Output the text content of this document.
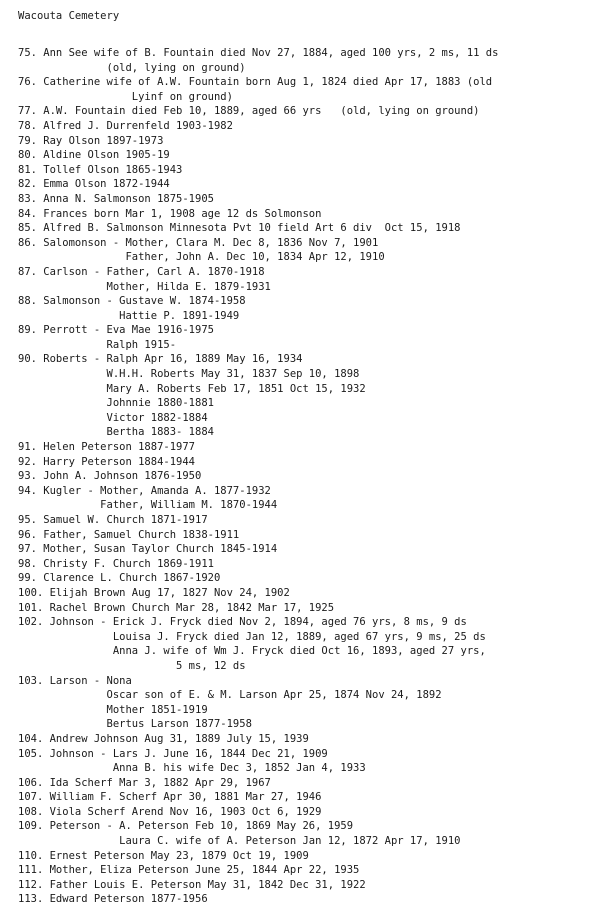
Wacouta Cemetery
75. Ann See wife of B. Fountain died Nov 27, 1884, aged 100 yrs, 2 ms, 11 ds
(old, lying on ground)
76. Catherine wife of A.W. Fountain born Aug 1, 1824 died Apr 17, 1883 (old
Lyinf on ground)
77. A.W. Fountain died Feb 10, 1889, aged 66 yrs   (old, lying on ground)
78. Alfred J. Durrenfeld 1903-1982
79. Ray Olson 1897-1973
80. Aldine Olson 1905-19
81. Tollef Olson 1865-1943
82. Emma Olson 1872-1944
83. Anna N. Salmonson 1875-1905
84. Frances born Mar 1, 1908 age 12 ds Solmonson
85. Alfred B. Salmonson Minnesota Pvt 10 field Art 6 div  Oct 15, 1918
86. Salomonson - Mother, Clara M. Dec 8, 1836 Nov 7, 1901
Father, John A. Dec 10, 1834 Apr 12, 1910
87. Carlson - Father, Carl A. 1870-1918
Mother, Hilda E. 1879-1931
88. Salmonson - Gustave W. 1874-1958
Hattie P. 1891-1949
89. Perrott - Eva Mae 1916-1975
Ralph 1915-
90. Roberts - Ralph Apr 16, 1889 May 16, 1934
W.H.H. Roberts May 31, 1837 Sep 10, 1898
Mary A. Roberts Feb 17, 1851 Oct 15, 1932
Johnnie 1880-1881
Victor 1882-1884
Bertha 1883- 1884
91. Helen Peterson 1887-1977
92. Harry Peterson 1884-1944
93. John A. Johnson 1876-1950
94. Kugler - Mother, Amanda A. 1877-1932
Father, William M. 1870-1944
95. Samuel W. Church 1871-1917
96. Father, Samuel Church 1838-1911
97. Mother, Susan Taylor Church 1845-1914
98. Christy F. Church 1869-1911
99. Clarence L. Church 1867-1920
100. Elijah Brown Aug 17, 1827 Nov 24, 1902
101. Rachel Brown Church Mar 28, 1842 Mar 17, 1925
102. Johnson - Erick J. Fryck died Nov 2, 1894, aged 76 yrs, 8 ms, 9 ds
Louisa J. Fryck died Jan 12, 1889, aged 67 yrs, 9 ms, 25 ds
Anna J. wife of Wm J. Fryck died Oct 16, 1893, aged 27 yrs,
5 ms, 12 ds
103. Larson - Nona
Oscar son of E. & M. Larson Apr 25, 1874 Nov 24, 1892
Mother 1851-1919
Bertus Larson 1877-1958
104. Andrew Johnson Aug 31, 1889 July 15, 1939
105. Johnson - Lars J. June 16, 1844 Dec 21, 1909
Anna B. his wife Dec 3, 1852 Jan 4, 1933
106. Ida Scherf Mar 3, 1882 Apr 29, 1967
107. William F. Scherf Apr 30, 1881 Mar 27, 1946
108. Viola Scherf Arend Nov 16, 1903 Oct 6, 1929
109. Peterson - A. Peterson Feb 10, 1869 May 26, 1959
Laura C. wife of A. Peterson Jan 12, 1872 Apr 17, 1910
110. Ernest Peterson May 23, 1879 Oct 19, 1909
111. Mother, Eliza Peterson June 25, 1844 Apr 22, 1935
112. Father Louis E. Peterson May 31, 1842 Dec 31, 1922
113. Edward Peterson 1877-1956
